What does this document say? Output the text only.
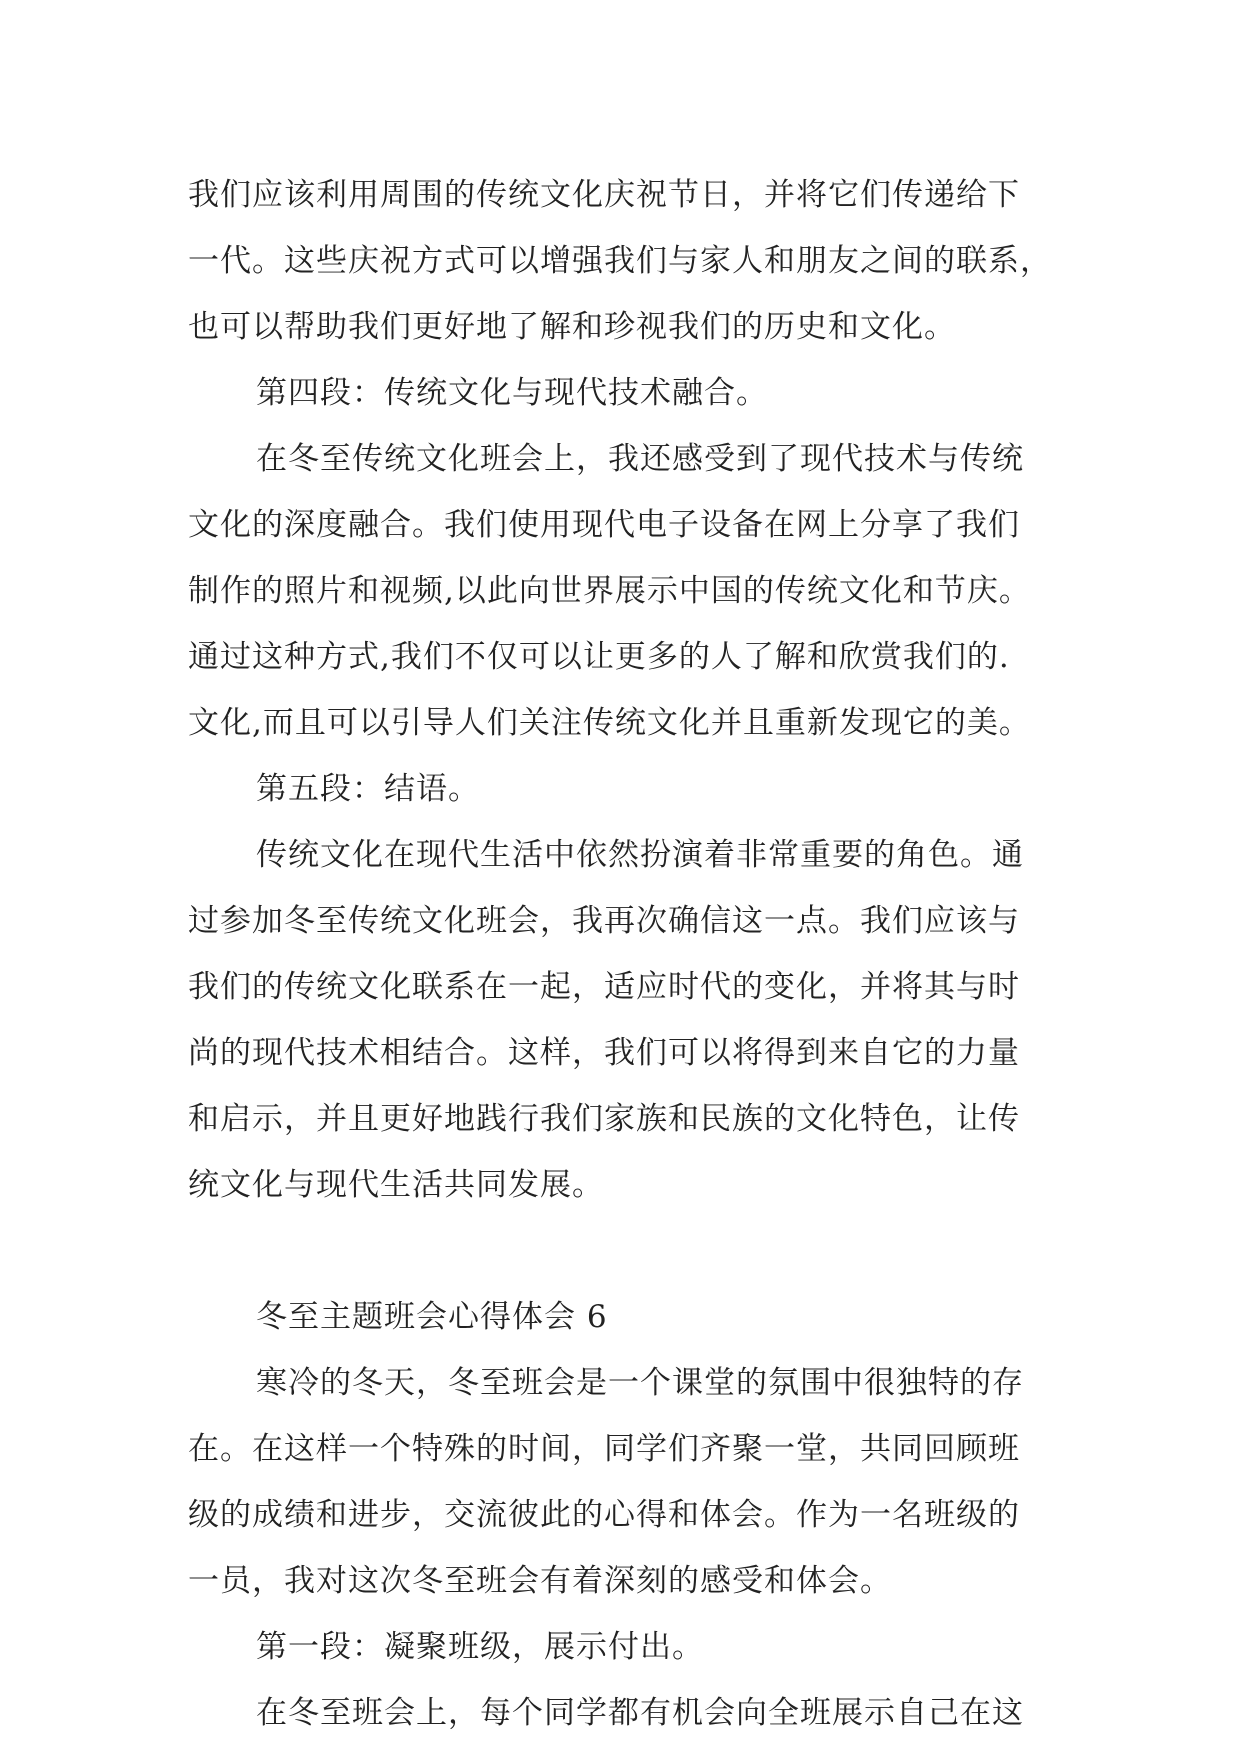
我们应该利用周围的传统文化庆祝节日，并将它们传递给下
一代。这些庆祝方式可以增强我们与家人和朋友之间的联系，
也可以帮助我们更好地了解和珍视我们的历史和文化。
第四段：传统文化与现代技术融合。
在冬至传统文化班会上，我还感受到了现代技术与传统
文化的深度融合。我们使用现代电子设备在网上分享了我们
制作的照片和视频,以此向世界展示中国的传统文化和节庆。
通过这种方式,我们不仅可以让更多的人了解和欣赏我们的.
文化,而且可以引导人们关注传统文化并且重新发现它的美。
第五段：结语。
传统文化在现代生活中依然扮演着非常重要的角色。通
过参加冬至传统文化班会，我再次确信这一点。我们应该与
我们的传统文化联系在一起，适应时代的变化，并将其与时
尚的现代技术相结合。这样，我们可以将得到来自它的力量
和启示，并且更好地践行我们家族和民族的文化特色，让传
统文化与现代生活共同发展。
冬至主题班会心得体会 6
寒冷的冬天，冬至班会是一个课堂的氛围中很独特的存
在。在这样一个特殊的时间，同学们齐聚一堂，共同回顾班
级的成绩和进步，交流彼此的心得和体会。作为一名班级的
一员，我对这次冬至班会有着深刻的感受和体会。
第一段：凝聚班级，展示付出。
在冬至班会上，每个同学都有机会向全班展示自己在这
